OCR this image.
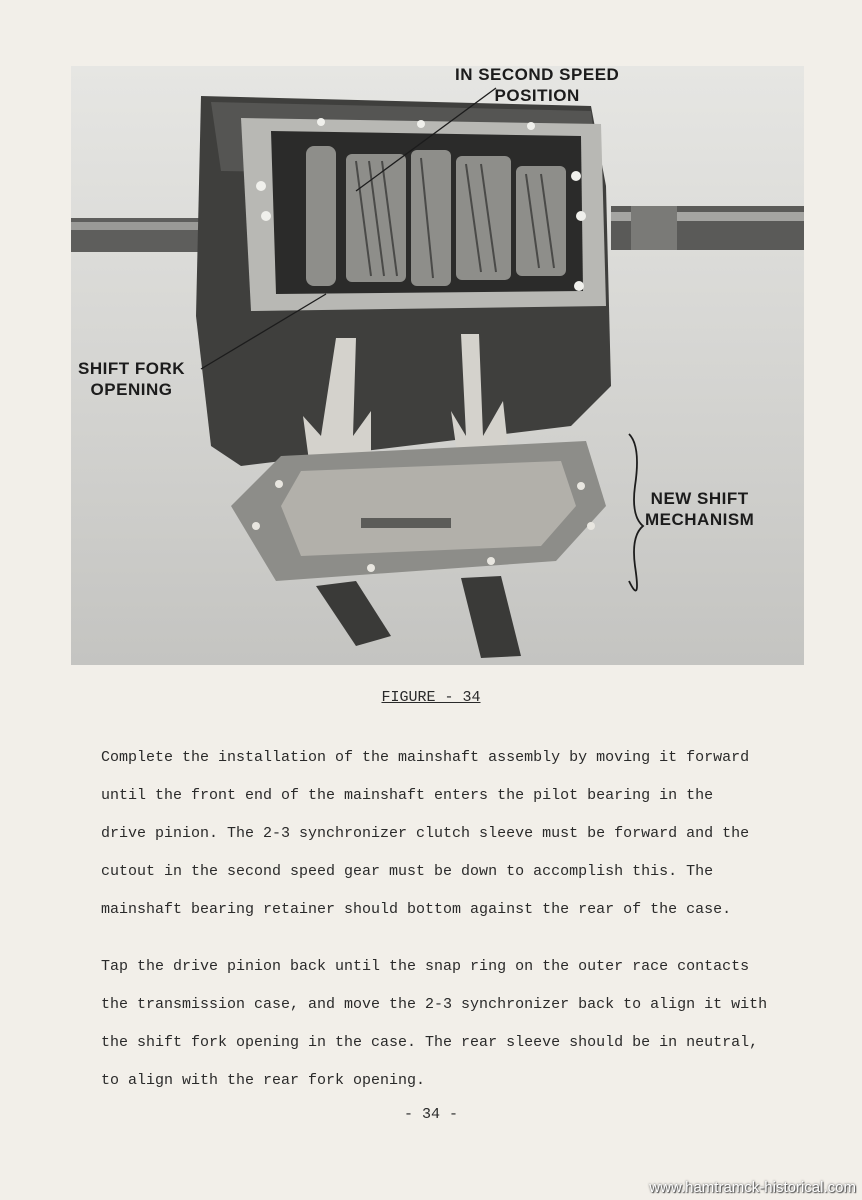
IN SECOND SPEED
POSITION
SHIFT FORK
OPENING
NEW SHIFT
MECHANISM
FIGURE - 34
Complete the installation of the mainshaft assembly by moving it forward
until the front end of the mainshaft enters the pilot bearing in the
drive pinion. The 2-3 synchronizer clutch sleeve must be forward and the
cutout in the second speed gear must be down to accomplish this. The
mainshaft bearing retainer should bottom against the rear of the case.
Tap the drive pinion back until the snap ring on the outer race contacts
the transmission case, and move the 2-3 synchronizer back to align it with
the shift fork opening in the case. The rear sleeve should be in neutral,
to align with the rear fork opening.
- 34 -
www.hamtramck-historical.com
